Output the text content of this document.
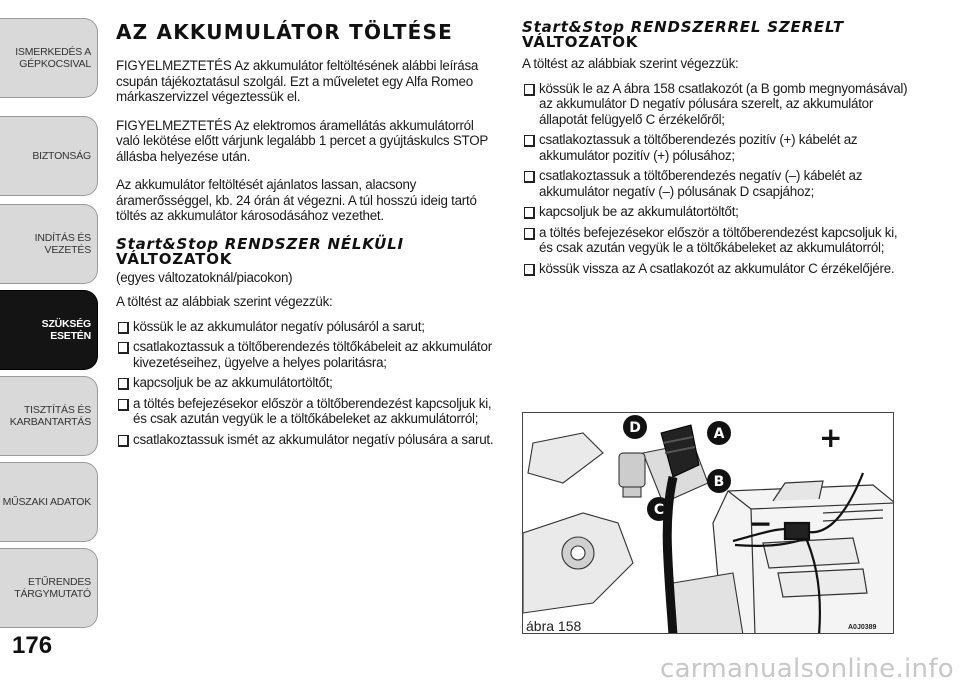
ISMERKEDÉS A
GÉPKOCSIVAL
BIZTONSÁG
INDÍTÁS ÉS VEZETÉS
SZÜKSÉG ESETÉN
TISZTÍTÁS ÉS
KARBANTARTÁS
MŰSZAKI ADATOK
ETŰRENDES
TÁRGYMUTATÓ
176
AZ AKKUMULÁTOR TÖLTÉSE

FIGYELMEZTETÉS Az akkumulátor feltöltésének alábbi leírása csupán tájékoztatásul szolgál. Ezt a műveletet egy Alfa Romeo márkaszervizzel végeztessük el.

FIGYELMEZTETÉS Az elektromos áramellátás akkumulátorról való lekötése előtt várjunk legalább 1 percet a gyújtáskulcs STOP állásba helyezése után.

Az akkumulátor feltöltését ajánlatos lassan, alacsony áramerősséggel, kb. 24 órán át végezni. A túl hosszú ideig tartó töltés az akkumulátor károsodásához vezethet.

Start&Stop RENDSZER NÉLKÜLI
VÁLTOZATOK

(egyes változatoknál/piacokon)

A töltést az alábbiak szerint végezzük:

kössük le az akkumulátor negatív pólusáról a sarut;
csatlakoztassuk a töltőberendezés töltőkábeleit az akkumulátor kivezetéseihez, ügyelve a helyes polaritásra;
kapcsoljuk be az akkumulátortöltőt;
a töltés befejezésekor először a töltőberendezést kapcsoljuk ki, és csak azután vegyük le a töltőkábeleket az akkumulátorról;
csatlakoztassuk ismét az akkumulátor negatív pólusára a sarut.
Start&Stop RENDSZERREL SZERELT
VÁLTOZATOK

A töltést az alábbiak szerint végezzük:

kössük le az A ábra 158 csatlakozót (a B gomb megnyomásával) az akkumulátor D negatív pólusára szerelt, az akkumulátor állapotát felügyelő C érzékelőről;
csatlakoztassuk a töltőberendezés pozitív (+) kábelét az akkumulátor pozitív (+) pólusához;
csatlakoztassuk a töltőberendezés negatív (–) kábelét az akkumulátor negatív (–) pólusának D csapjához;
kapcsoljuk be az akkumulátortöltőt;
a töltés befejezésekor először a töltőberendezést kapcsoljuk ki, és csak azután vegyük le a töltőkábeleket az akkumulátorról;
kössük vissza az A csatlakozót az akkumulátor C érzékelőjére.
+
−
D	A
B
C
ábra 158	A0J0389
carmanualsonline.info
